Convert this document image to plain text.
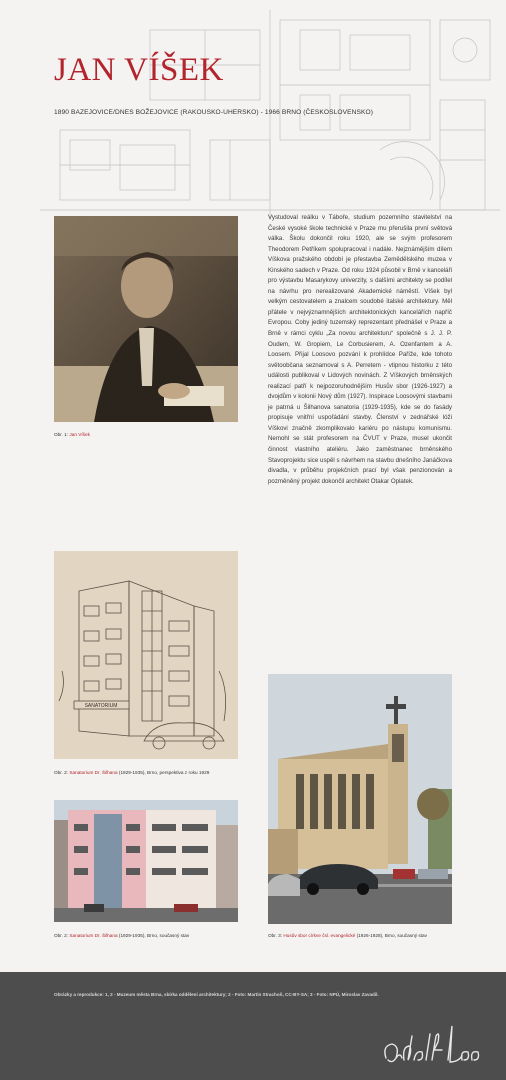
JAN VÍŠEK
1890 BAZEJOVICE/DNES BOŽEJOVICE (RAKOUSKO-UHERSKO) - 1966 BRNO (ČESKOSLOVENSKO)
Obr. 1: Jan Víšek
Vystudoval reálku v Táboře, studium pozemního stavitelství na České vysoké škole technické v Praze mu přerušila první světová válka. Školu dokončil roku 1920, ale se svým profesorem Theodorem Petříkem spolupracoval i nadále. Nejznámějším dílem Víškova pražského období je přestavba Zemědělského muzea v Kinského sadech v Praze. Od roku 1924 působil v Brně v kanceláři pro výstavbu Masarykovy univerzity, s dalšími architekty se podílel na návrhu pro nerealizované Akademické náměstí. Víšek byl velkým cestovatelem a znalcem soudobé italské architektury. Měl přátele v nejvýznamnějších architektonických kancelářích napříč Evropou. Coby jediný tuzemský reprezentant přednášel v Praze a Brně v rámci cyklu „Za novou architekturu“ společně s J. J. P. Oudem, W. Gropiem, Le Corbusierem, A. Ozenfantem a A. Loosem. Přijal Loosovo pozvání k prohlídce Paříže, kde tohoto světoobčana seznamoval s A. Perretem - vtipnou historku z této události publikoval v Lidových novinách. Z Víškových brněnských realizací patří k nejpozoruhodnějším Husův sbor (1926-1927) a dvojdům v kolonii Nový dům (1927). Inspirace Loosovými stavbami je patrná u Šilhanova sanatoria (1929-1935), kde se do fasády propisuje vnitřní uspořádání stavby. Členství v zednářské lóži Víškovi značně zkomplikovalo kariéru po nástupu komunismu. Nemohl se stát profesorem na ČVUT v Praze, musel ukončit činnost vlastního ateliéru. Jako zaměstnanec brněnského Stavoprojektu sice uspěl s návrhem na stavbu dnešního Janáčkova divadla, v průběhu projekčních prací byl však penzionován a pozměněný projekt dokončil architekt Otakar Oplatek.
SANATORIUM
Obr. 2: Sanatorium Dr. Šilhana (1929-1935), Brno, perspektiva z roku 1929
Obr. 2: Sanatorium Dr. Šilhana (1929-1935), Brno, současný stav	Obr. 3: Husův sbor církve čsl. evangelické (1926-1928), Brno, současný stav
Obrázky a reprodukce: 1, 2 - Muzeum města Brna, sbírka oddělení architektury; 2 - Foto: Martin Strachoň, CC-BY-SA; 3 - Foto: NPÚ, Miroslav Zavadil.
